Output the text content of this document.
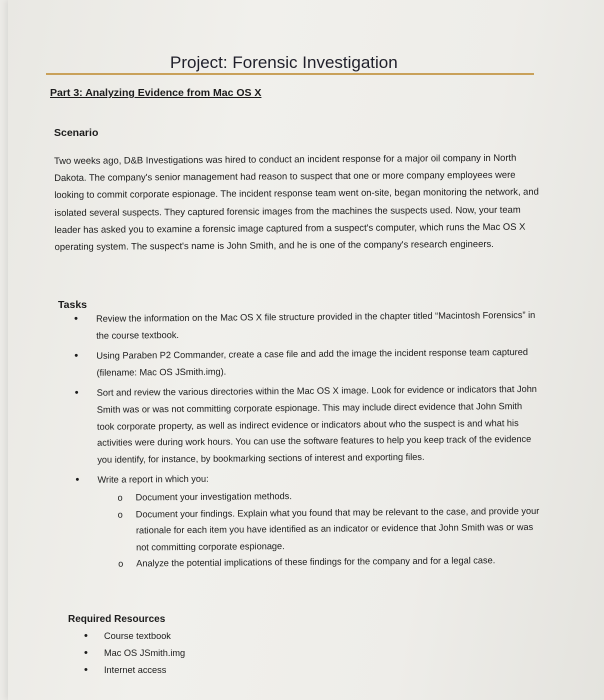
Project: Forensic Investigation
Part 3: Analyzing Evidence from Mac OS X
Scenario
Two weeks ago, D&B Investigations was hired to conduct an incident response for a major oil company in North Dakota. The company's senior management had reason to suspect that one or more company employees were looking to commit corporate espionage. The incident response team went on-site, began monitoring the network, and isolated several suspects. They captured forensic images from the machines the suspects used. Now, your team leader has asked you to examine a forensic image captured from a suspect's computer, which runs the Mac OS X operating system. The suspect's name is John Smith, and he is one of the company's research engineers.
Tasks
• Review the information on the Mac OS X file structure provided in the chapter titled “Macintosh Forensics” in the course textbook.
• Using Paraben P2 Commander, create a case file and add the image the incident response team captured (filename: Mac OS JSmith.img).
• Sort and review the various directories within the Mac OS X image. Look for evidence or indicators that John Smith was or was not committing corporate espionage. This may include direct evidence that John Smith took corporate property, as well as indirect evidence or indicators about who the suspect is and what his activities were during work hours. You can use the software features to help you keep track of the evidence you identify, for instance, by bookmarking sections of interest and exporting files.
• Write a report in which you:
o Document your investigation methods.
o Document your findings. Explain what you found that may be relevant to the case, and provide your rationale for each item you have identified as an indicator or evidence that John Smith was or was not committing corporate espionage.
o Analyze the potential implications of these findings for the company and for a legal case.
Required Resources
• Course textbook
• Mac OS JSmith.img
• Internet access
